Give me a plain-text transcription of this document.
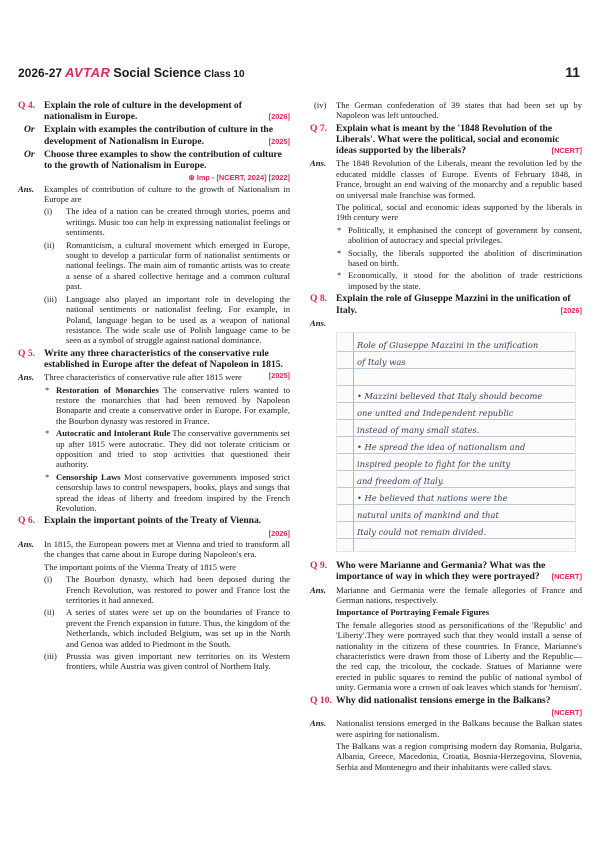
2026-27 AVTAR Social Science Class 10	11
Q 4. Explain the role of culture in the development of nationalism in Europe.	[2026]
Or Explain with examples the contribution of culture in the development of Nationalism in Europe.	[2025]
Or Choose three examples to show the contribution of culture to the growth of Nationalism in Europe.
⊛ Imp - [NCERT, 2024] [2022]
Ans. Examples of contribution of culture to the growth of Nationalism in Europe are
(i) The idea of a nation can be created through stories, poems and writings. Music too can help in expressing nationalist feelings or sentiments.
(ii) Romanticism, a cultural movement which emerged in Europe, sought to develop a particular form of nationalist sentiments or national feelings. The main aim of romantic artists was to create a sense of a shared collective heritage and a common cultural past.
(iii) Language also played an important role in developing the national sentiments or nationalist feeling. For example, in Poland, language began to be used as a weapon of national resistance. The wide scale use of Polish language came to be seen as a symbol of struggle against national dominance.
Q 5. Write any three characteristics of the conservative rule established in Europe after the defeat of Napoleon in 1815.
[2025]
Ans. Three characteristics of conservative rule after 1815 were
* Restoration of Monarchies The conservative rulers wanted to restore the monarchies that had been removed by Napoleon Bonaparte and create a conservative order in Europe. For example, the Bourbon dynasty was restored in France.
* Autocratic and Intolerant Rule The conservative governments set up after 1815 were autocratic. They did not tolerate criticism or opposition and tried to stop activities that questioned their authority.
* Censorship Laws Most conservative governments imposed strict censorship laws to control newspapers, books, plays and songs that spread the ideas of liberty and freedom inspired by the French Revolution.
Q 6. Explain the important points of the Treaty of Vienna.
[2026]
Ans. In 1815, the European powers met at Vienna and tried to transform all the changes that came about in Europe during Napoleon's era.
The important points of the Vienna Treaty of 1815 were
(i) The Bourbon dynasty, which had been deposed during the French Revolution, was restored to power and France lost the territories it had annexed.
(ii) A series of states were set up on the boundaries of France to prevent the French expansion in future. Thus, the kingdom of the Netherlands, which included Belgium, was set up in the North and Genoa was added to Piedmont in the South.
(iii) Prussia was given important new territories on its Western frontiers, while Austria was given control of Northern Italy.
(iv) The German confederation of 39 states that had been set up by Napoleon was left untouched.
Q 7. Explain what is meant by the '1848 Revolution of the Liberals'. What were the political, social and economic ideas supported by the liberals?	[NCERT]
Ans. The 1848 Revolution of the Liberals, meant the revolution led by the educated middle classes of Europe. Events of February 1848, in France, brought an end waiving of the monarchy and a republic based on universal male franchise was formed.
The political, social and economic ideas supported by the liberals in 19th century were
* Politically, it emphasised the concept of government by consent, abolition of autocracy and special privileges.
* Socially, the liberals supported the abolition of discrimination based on birth.
* Economically, it stood for the abolition of trade restrictions imposed by the state.
Q 8. Explain the role of Giuseppe Mazzini in the unification of Italy.	[2026]
Ans.

Role of Giuseppe Mazzini in the unification
of Italy was
• Mazzini believed that Italy should become
one united and Independent republic
instead of many small states.
• He spread the idea of nationalism and
inspired people to fight for the unity
and freedom of Italy.
• He believed that nations were the
natural units of mankind and that
Italy could not remain divided.
Q 9. Who were Marianne and Germania? What was the importance of way in which they were portrayed? [NCERT]
Ans. Marianne and Germania were the female allegories of France and German nations, respectively.
Importance of Portraying Female Figures
The female allegories stood as personifications of the 'Republic' and 'Liberty'.They were portrayed such that they would install a sense of nationality in the citizens of these countries. In France, Marianne's characteristics were drawn from those of Liberty and the Republic—the red cap, the tricolour, the cockade. Statues of Marianne were erected in public squares to remind the public of national symbol of unity. Germania wore a crown of oak leaves which stands for 'heroism'.
Q 10. Why did nationalist tensions emerge in the Balkans?
[NCERT]
Ans. Nationalist tensions emerged in the Balkans because the Balkan states were aspiring for nationalism.
The Balkans was a region comprising modern day Romania, Bulgaria, Albania, Greece, Macedonia, Croatia, Bosnia-Herzegovina, Slovenia, Serbia and Montenegro and their inhabitants were called slavs.
